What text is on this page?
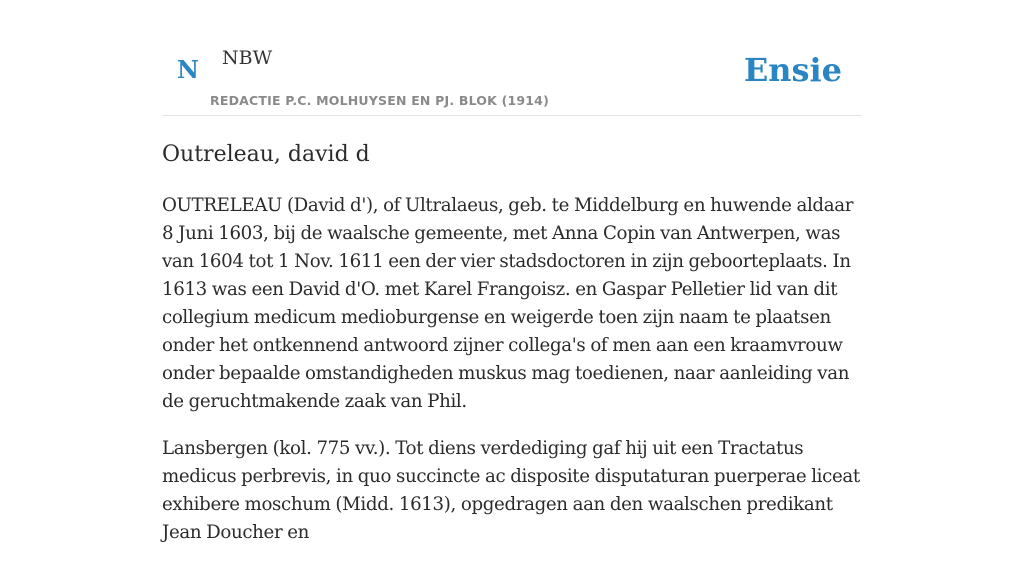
N NBW
REDACTIE P.C. MOLHUYSEN EN PJ. BLOK (1914)
Ensie
Outreleau, david d

OUTRELEAU (David d'), of Ultralaeus, geb. te Middelburg en huwende aldaar 8 Juni 1603, bij de waalsche gemeente, met Anna Copin van Antwerpen, was van 1604 tot 1 Nov. 1611 een der vier stadsdoctoren in zijn geboorteplaats. In 1613 was een David d'O. met Karel Frangoisz. en Gaspar Pelletier lid van dit collegium medicum medioburgense en weigerde toen zijn naam te plaatsen onder het ontkennend antwoord zijner collega's of men aan een kraamvrouw onder bepaalde omstandigheden muskus mag toedienen, naar aanleiding van de geruchtmakende zaak van Phil.

Lansbergen (kol. 775 vv.). Tot diens verdediging gaf hij uit een Tractatus medicus perbrevis, in quo succincte ac disposite disputaturan puerperae liceat exhibere moschum (Midd. 1613), opgedragen aan den waalschen predikant Jean Doucher en
